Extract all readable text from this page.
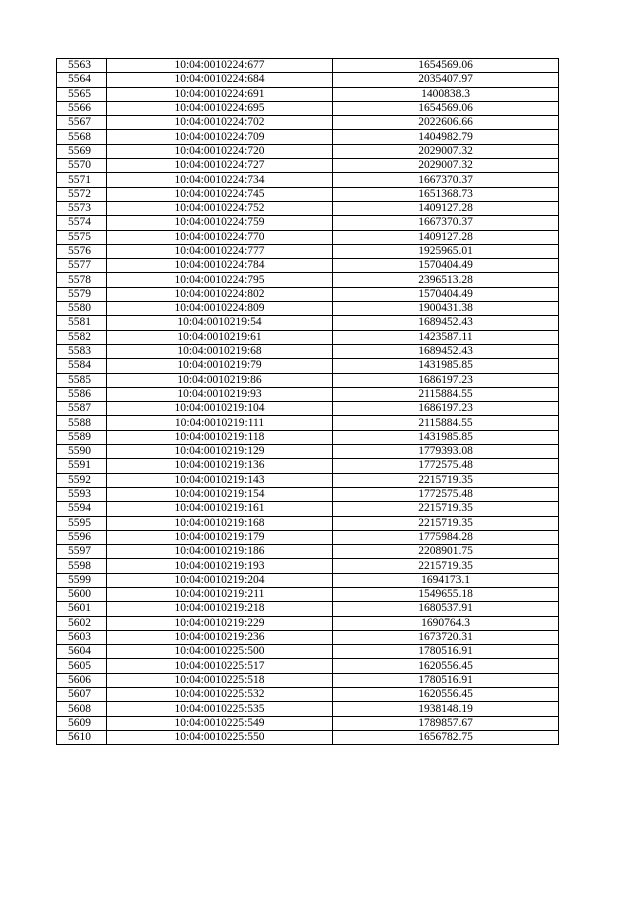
5563	10:04:0010224:677	1654569.06
5564	10:04:0010224:684	2035407.97
5565	10:04:0010224:691	1400838.3
5566	10:04:0010224:695	1654569.06
5567	10:04:0010224:702	2022606.66
5568	10:04:0010224:709	1404982.79
5569	10:04:0010224:720	2029007.32
5570	10:04:0010224:727	2029007.32
5571	10:04:0010224:734	1667370.37
5572	10:04:0010224:745	1651368.73
5573	10:04:0010224:752	1409127.28
5574	10:04:0010224:759	1667370.37
5575	10:04:0010224:770	1409127.28
5576	10:04:0010224:777	1925965.01
5577	10:04:0010224:784	1570404.49
5578	10:04:0010224:795	2396513.28
5579	10:04:0010224:802	1570404.49
5580	10:04:0010224:809	1900431.38
5581	10:04:0010219:54	1689452.43
5582	10:04:0010219:61	1423587.11
5583	10:04:0010219:68	1689452.43
5584	10:04:0010219:79	1431985.85
5585	10:04:0010219:86	1686197.23
5586	10:04:0010219:93	2115884.55
5587	10:04:0010219:104	1686197.23
5588	10:04:0010219:111	2115884.55
5589	10:04:0010219:118	1431985.85
5590	10:04:0010219:129	1779393.08
5591	10:04:0010219:136	1772575.48
5592	10:04:0010219:143	2215719.35
5593	10:04:0010219:154	1772575.48
5594	10:04:0010219:161	2215719.35
5595	10:04:0010219:168	2215719.35
5596	10:04:0010219:179	1775984.28
5597	10:04:0010219:186	2208901.75
5598	10:04:0010219:193	2215719.35
5599	10:04:0010219:204	1694173.1
5600	10:04:0010219:211	1549655.18
5601	10:04:0010219:218	1680537.91
5602	10:04:0010219:229	1690764.3
5603	10:04:0010219:236	1673720.31
5604	10:04:0010225:500	1780516.91
5605	10:04:0010225:517	1620556.45
5606	10:04:0010225:518	1780516.91
5607	10:04:0010225:532	1620556.45
5608	10:04:0010225:535	1938148.19
5609	10:04:0010225:549	1789857.67
5610	10:04:0010225:550	1656782.75
